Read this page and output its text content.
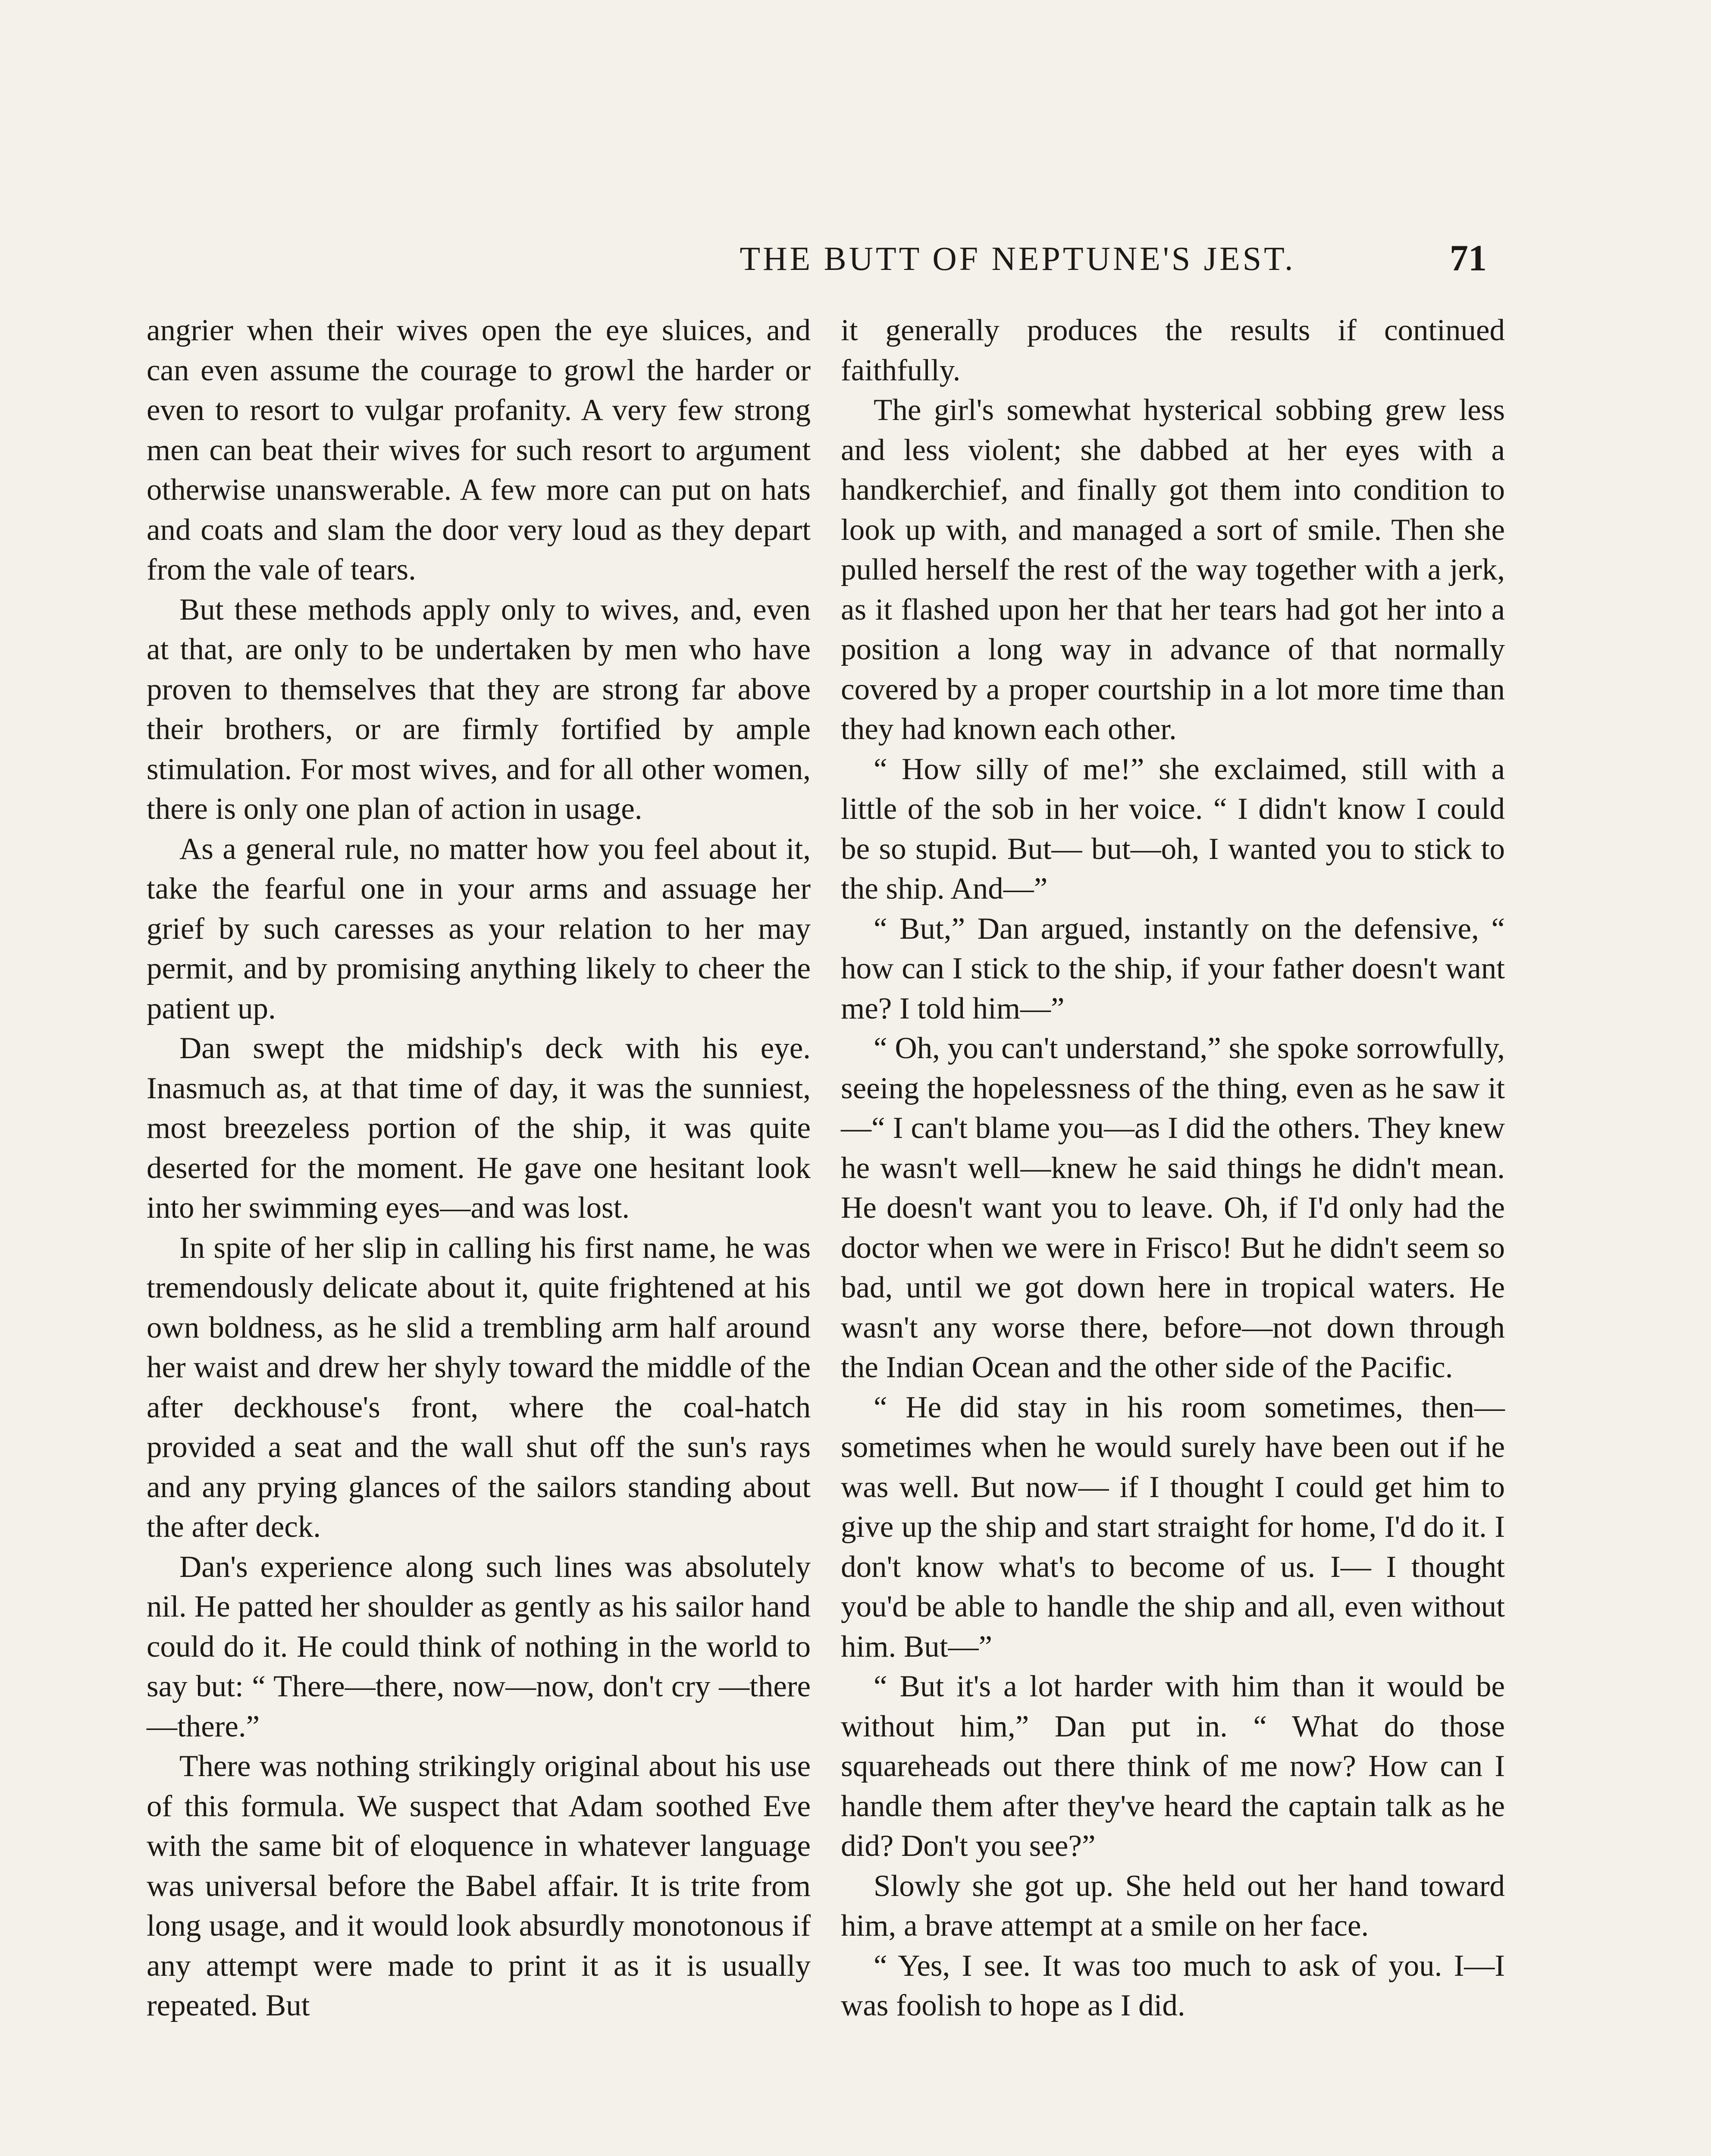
THE BUTT OF NEPTUNE'S JEST.	71

angrier when their wives open the eye sluices, and can even assume the courage to growl the harder or even to resort to vulgar profanity. A very few strong men can beat their wives for such resort to argument otherwise unanswerable. A few more can put on hats and coats and slam the door very loud as they depart from the vale of tears.

But these methods apply only to wives, and, even at that, are only to be undertaken by men who have proven to themselves that they are strong far above their brothers, or are firmly fortified by ample stimulation. For most wives, and for all other women, there is only one plan of action in usage.

As a general rule, no matter how you feel about it, take the fearful one in your arms and assuage her grief by such caresses as your relation to her may permit, and by promising anything likely to cheer the patient up.

Dan swept the midship's deck with his eye. Inasmuch as, at that time of day, it was the sunniest, most breezeless portion of the ship, it was quite deserted for the moment. He gave one hesitant look into her swimming eyes—and was lost.

In spite of her slip in calling his first name, he was tremendously delicate about it, quite frightened at his own boldness, as he slid a trembling arm half around her waist and drew her shyly toward the middle of the after deckhouse's front, where the coal-hatch provided a seat and the wall shut off the sun's rays and any prying glances of the sailors standing about the after deck.

Dan's experience along such lines was absolutely nil. He patted her shoulder as gently as his sailor hand could do it. He could think of nothing in the world to say but: “ There—there, now—now, don't cry —there—there.”

There was nothing strikingly original about his use of this formula. We suspect that Adam soothed Eve with the same bit of eloquence in whatever language was universal before the Babel affair. It is trite from long usage, and it would look absurdly monotonous if any attempt were made to print it as it is usually repeated. But

it generally produces the results if continued faithfully.

The girl's somewhat hysterical sobbing grew less and less violent; she dabbed at her eyes with a handkerchief, and finally got them into condition to look up with, and managed a sort of smile. Then she pulled herself the rest of the way together with a jerk, as it flashed upon her that her tears had got her into a position a long way in advance of that normally covered by a proper courtship in a lot more time than they had known each other.

“ How silly of me!” she exclaimed, still with a little of the sob in her voice. “ I didn't know I could be so stupid. But— but—oh, I wanted you to stick to the ship. And—”

“ But,” Dan argued, instantly on the defensive, “ how can I stick to the ship, if your father doesn't want me? I told him—”

“ Oh, you can't understand,” she spoke sorrowfully, seeing the hopelessness of the thing, even as he saw it—“ I can't blame you—as I did the others. They knew he wasn't well—knew he said things he didn't mean. He doesn't want you to leave. Oh, if I'd only had the doctor when we were in Frisco! But he didn't seem so bad, until we got down here in tropical waters. He wasn't any worse there, before—not down through the Indian Ocean and the other side of the Pacific.

“ He did stay in his room sometimes, then—sometimes when he would surely have been out if he was well. But now— if I thought I could get him to give up the ship and start straight for home, I'd do it. I don't know what's to become of us. I— I thought you'd be able to handle the ship and all, even without him. But—”

“ But it's a lot harder with him than it would be without him,” Dan put in. “ What do those squareheads out there think of me now? How can I handle them after they've heard the captain talk as he did? Don't you see?”

Slowly she got up. She held out her hand toward him, a brave attempt at a smile on her face.

“ Yes, I see. It was too much to ask of you. I—I was foolish to hope as I did.
